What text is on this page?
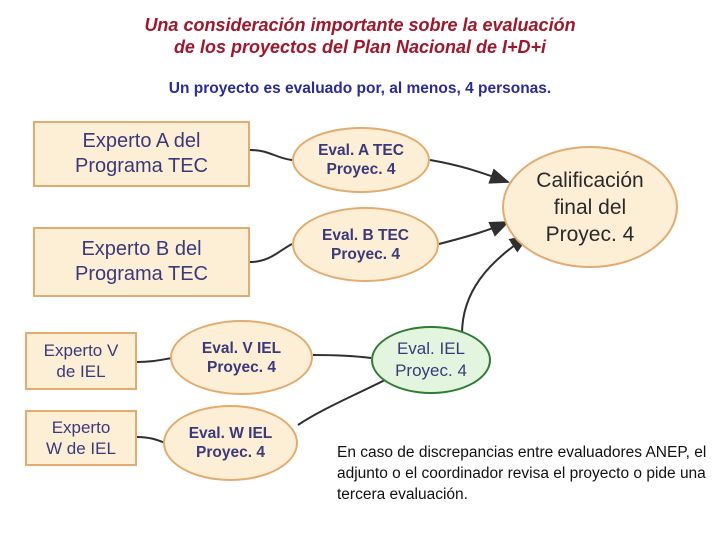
Una consideración importante sobre la evaluación
de los proyectos del Plan Nacional de I+D+i
Un proyecto es evaluado por, al menos, 4 personas.
Experto A del
Programa TEC
Experto B del
Programa TEC
Experto V
de IEL
Experto
W de IEL
Eval. A TEC
Proyec. 4
Eval. B TEC
Proyec. 4
Eval. V IEL
Proyec. 4
Eval. W IEL
Proyec. 4
Calificación
final del
Proyec. 4
Eval. IEL
Proyec. 4
En caso de discrepancias entre evaluadores ANEP, el adjunto o el coordinador revisa el proyecto o pide una tercera evaluación.
